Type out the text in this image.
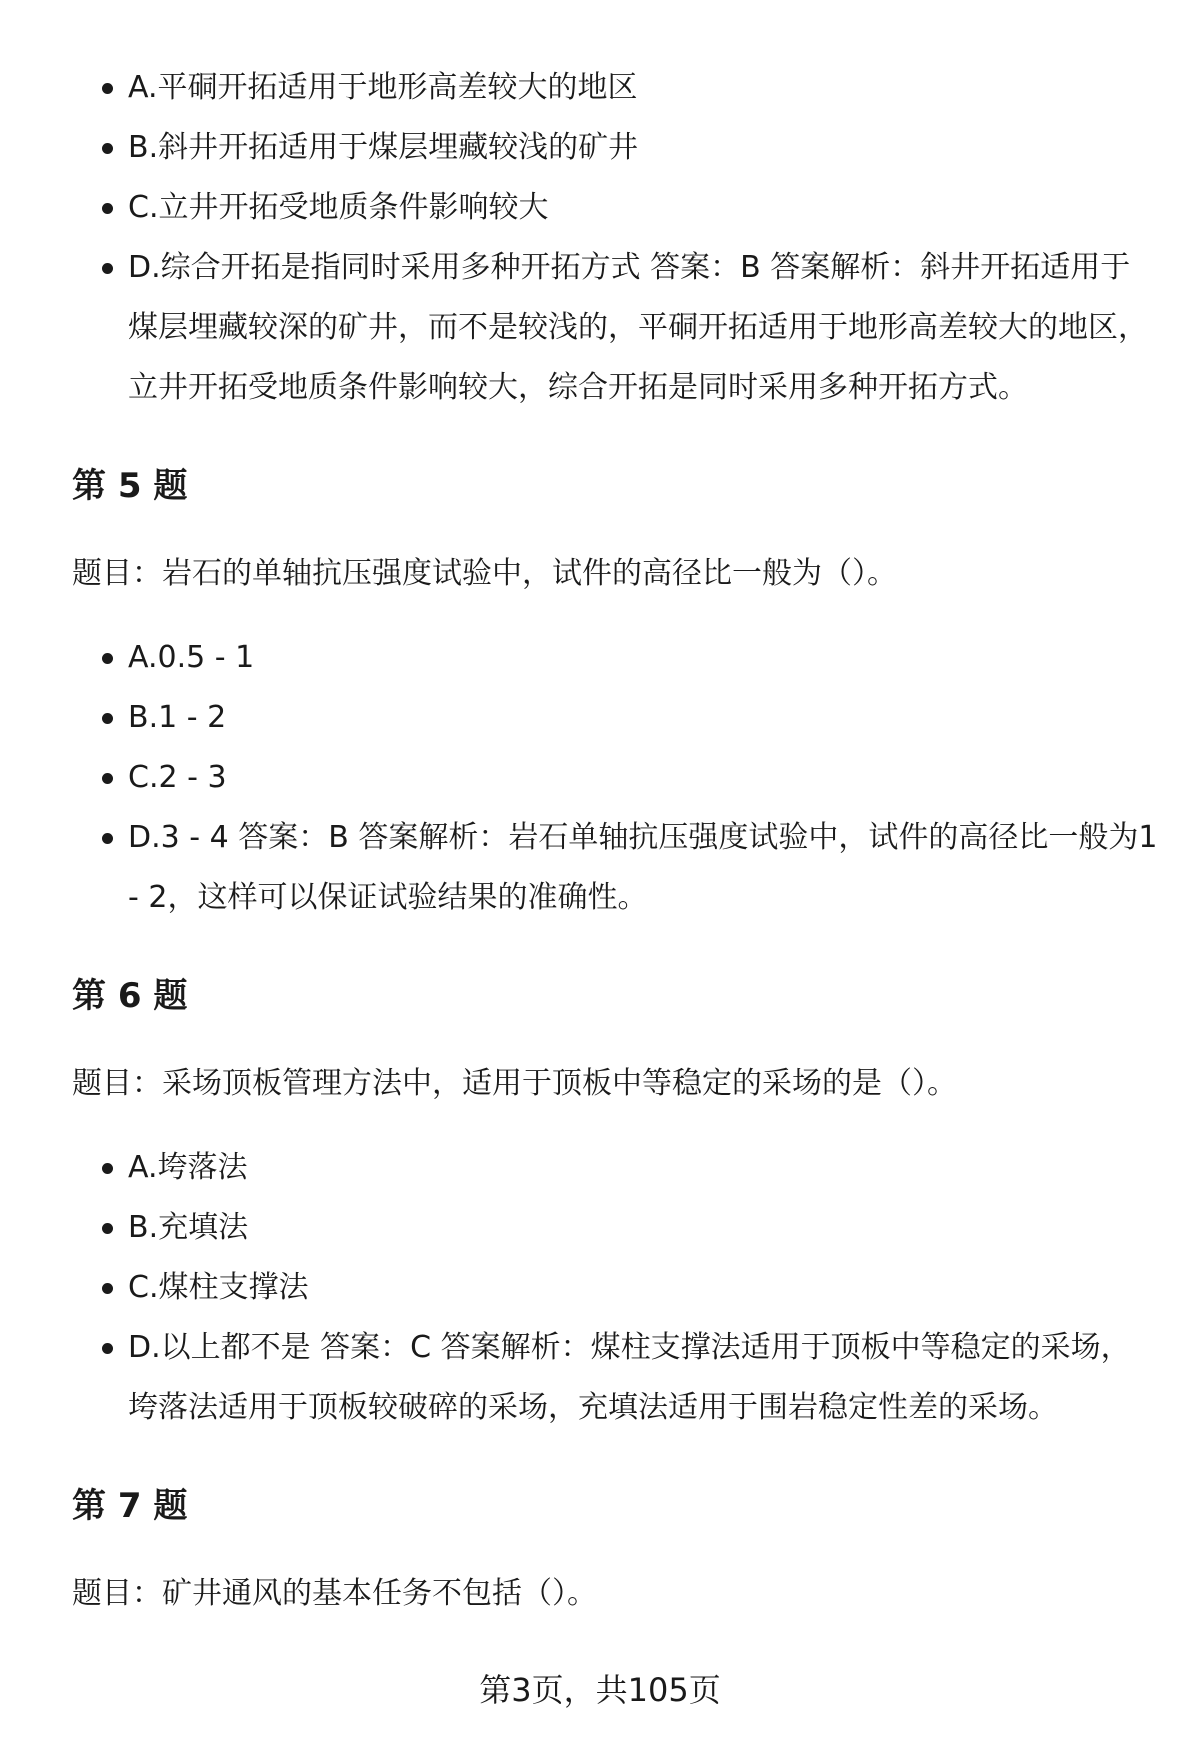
A.平硐开拓适用于地形高差较大的地区
B.斜井开拓适用于煤层埋藏较浅的矿井
C.立井开拓受地质条件影响较大
D.综合开拓是指同时采用多种开拓方式 答案：B 答案解析：斜井开拓适用于煤层埋藏较深的矿井，而不是较浅的，平硐开拓适用于地形高差较大的地区，立井开拓受地质条件影响较大，综合开拓是同时采用多种开拓方式。
第 5 题

题目：岩石的单轴抗压强度试验中，试件的高径比一般为（）。

A.0.5 - 1
B.1 - 2
C.2 - 3
D.3 - 4 答案：B 答案解析：岩石单轴抗压强度试验中，试件的高径比一般为1 - 2，这样可以保证试验结果的准确性。
第 6 题

题目：采场顶板管理方法中，适用于顶板中等稳定的采场的是（）。

A.垮落法
B.充填法
C.煤柱支撑法
D.以上都不是 答案：C 答案解析：煤柱支撑法适用于顶板中等稳定的采场，垮落法适用于顶板较破碎的采场，充填法适用于围岩稳定性差的采场。
第 7 题

题目：矿井通风的基本任务不包括（）。

第3页，共105页
